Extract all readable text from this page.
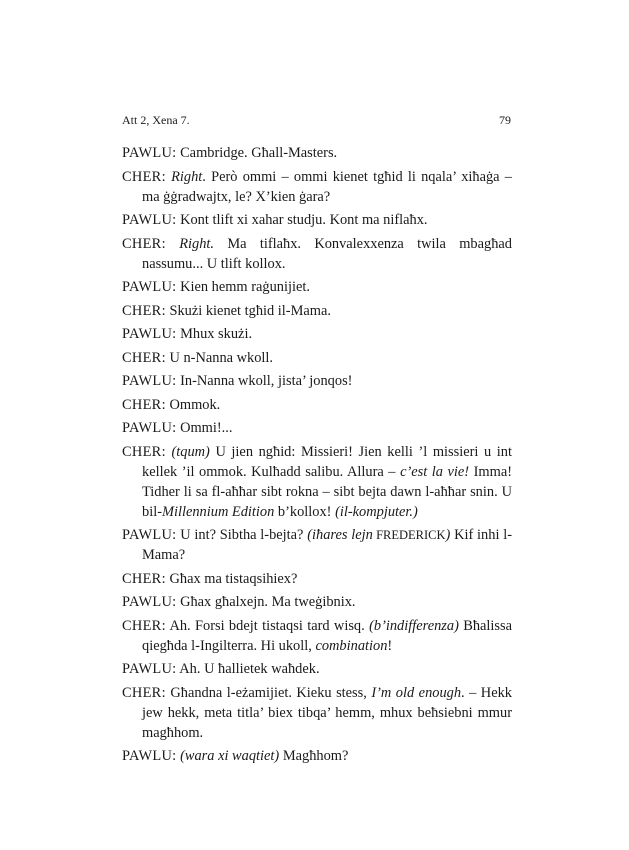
Att 2, Xena 7.	79

PAWLU: Cambridge. Għall-Masters.

CHER: Right. Però ommi – ommi kienet tgħid li nqala’ xiħaġa – ma ġġradwajtx, le? X’kien ġara?

PAWLU: Kont tlift xi xahar studju. Kont ma niflaħx.

CHER: Right. Ma tiflaħx. Konvalexxenza twila mbagħad nassumu... U tlift kollox.

PAWLU: Kien hemm raġunijiet.

CHER: Skużi kienet tgħid il-Mama.

PAWLU: Mhux skużi.

CHER: U n-Nanna wkoll.

PAWLU: In-Nanna wkoll, jista’ jonqos!

CHER: Ommok.

PAWLU: Ommi!...

CHER: (tqum) U jien ngħid: Missieri! Jien kelli ’l missieri u int kellek ’il ommok. Kulħadd salibu. Allura – c’est la vie! Imma! Tidher li sa fl-aħħar sibt rokna – sibt bejta dawn l-aħħar snin. U bil-Millennium Edition b’kollox! (il-kompjuter.)

PAWLU: U int? Sibtha l-bejta? (iħares lejn FREDERICK) Kif inhi l-Mama?

CHER: Għax ma tistaqsihiex?

PAWLU: Għax għalxejn. Ma tweġibnix.

CHER: Ah. Forsi bdejt tistaqsi tard wisq. (b’indifferenza) Bħalissa qiegħda l-Ingilterra. Hi ukoll, combination!

PAWLU: Ah. U ħallietek waħdek.

CHER: Għandna l-eżamijiet. Kieku stess, I’m old enough. – Hekk jew hekk, meta titla’ biex tibqa’ hemm, mhux beħsiebni mmur magħhom.

PAWLU: (wara xi waqtiet) Magħhom?
